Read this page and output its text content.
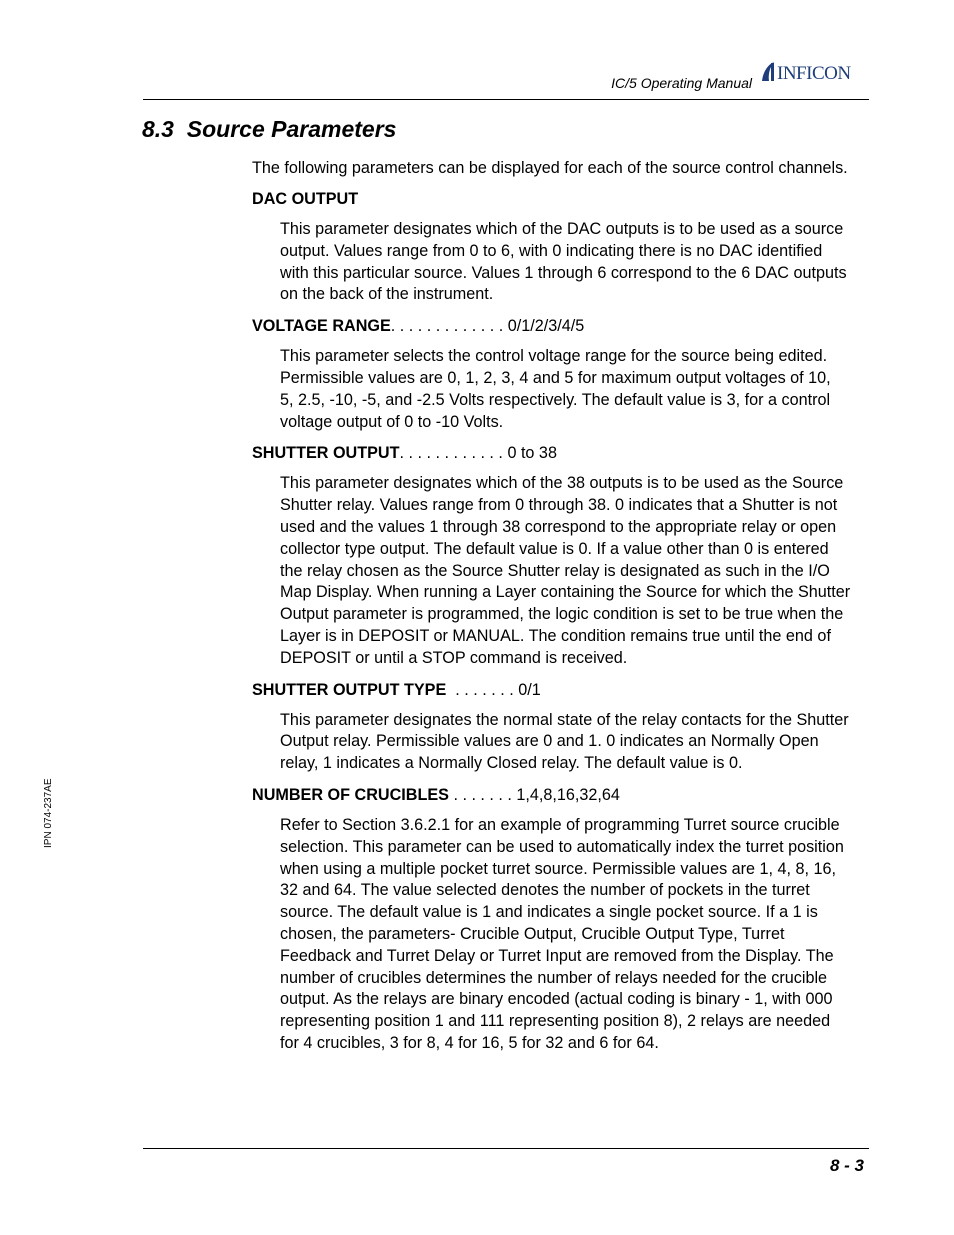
IC/5 Operating Manual INFICON
8.3 Source Parameters

The following parameters can be displayed for each of the source control channels.

DAC OUTPUT

This parameter designates which of the DAC outputs is to be used as a source
output. Values range from 0 to 6, with 0 indicating there is no DAC identified
with this particular source. Values 1 through 6 correspond to the 6 DAC outputs
on the back of the instrument.

VOLTAGE RANGE. . . . . . . . . . . . . 0/1/2/3/4/5

This parameter selects the control voltage range for the source being edited.
Permissible values are 0, 1, 2, 3, 4 and 5 for maximum output voltages of 10,
5, 2.5, -10, -5, and -2.5 Volts respectively. The default value is 3, for a control
voltage output of 0 to -10 Volts.

SHUTTER OUTPUT. . . . . . . . . . . . 0 to 38

This parameter designates which of the 38 outputs is to be used as the Source
Shutter relay. Values range from 0 through 38. 0 indicates that a Shutter is not
used and the values 1 through 38 correspond to the appropriate relay or open
collector type output. The default value is 0. If a value other than 0 is entered
the relay chosen as the Source Shutter relay is designated as such in the I/O
Map Display. When running a Layer containing the Source for which the Shutter
Output parameter is programmed, the logic condition is set to be true when the
Layer is in DEPOSIT or MANUAL. The condition remains true until the end of
DEPOSIT or until a STOP command is received.

SHUTTER OUTPUT TYPE  . . . . . . . 0/1

This parameter designates the normal state of the relay contacts for the Shutter
Output relay. Permissible values are 0 and 1. 0 indicates an Normally Open
relay, 1 indicates a Normally Closed relay. The default value is 0.

NUMBER OF CRUCIBLES . . . . . . . 1,4,8,16,32,64

Refer to Section 3.6.2.1 for an example of programming Turret source crucible
selection. This parameter can be used to automatically index the turret position
when using a multiple pocket turret source. Permissible values are 1, 4, 8, 16,
32 and 64. The value selected denotes the number of pockets in the turret
source. The default value is 1 and indicates a single pocket source. If a 1 is
chosen, the parameters- Crucible Output, Crucible Output Type, Turret
Feedback and Turret Delay or Turret Input are removed from the Display. The
number of crucibles determines the number of relays needed for the crucible
output. As the relays are binary encoded (actual coding is binary - 1, with 000
representing position 1 and 111 representing position 8), 2 relays are needed
for 4 crucibles, 3 for 8, 4 for 16, 5 for 32 and 6 for 64.

IPN 074-237AE
8 - 3
